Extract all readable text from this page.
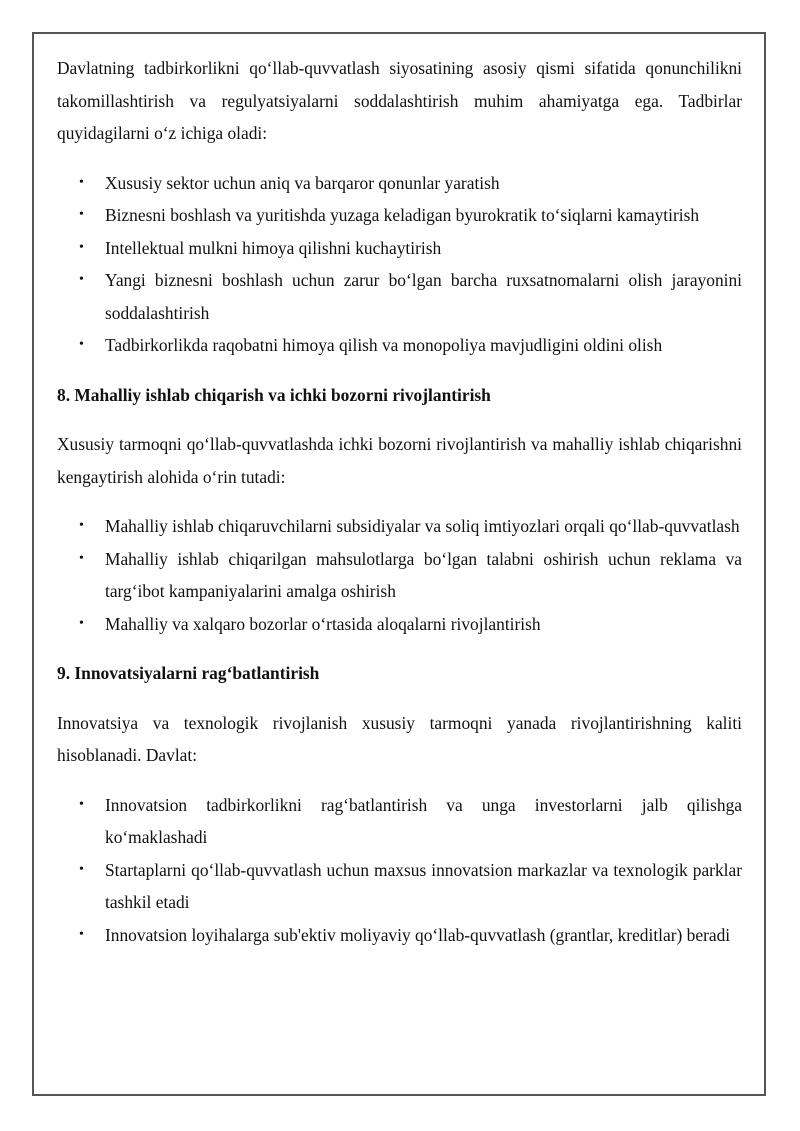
Davlatning tadbirkorlikni qo‘llab-quvvatlash siyosatining asosiy qismi sifatida qonunchilikni takomillashtirish va regulyatsiyalarni soddalashtirish muhim ahamiyatga ega. Tadbirlar quyidagilarni o‘z ichiga oladi:

• Xususiy sektor uchun aniq va barqaror qonunlar yaratish
• Biznesni boshlash va yuritishda yuzaga keladigan byurokratik to‘siqlarni kamaytirish
• Intellektual mulkni himoya qilishni kuchaytirish
• Yangi biznesni boshlash uchun zarur bo‘lgan barcha ruxsatnomalarni olish jarayonini soddalashtirish
• Tadbirkorlikda raqobatni himoya qilish va monopoliya mavjudligini oldini olish
8. Mahalliy ishlab chiqarish va ichki bozorni rivojlantirish

Xususiy tarmoqni qo‘llab-quvvatlashda ichki bozorni rivojlantirish va mahalliy ishlab chiqarishni kengaytirish alohida o‘rin tutadi:

• Mahalliy ishlab chiqaruvchilarni subsidiyalar va soliq imtiyozlari orqali qo‘llab-quvvatlash
• Mahalliy ishlab chiqarilgan mahsulotlarga bo‘lgan talabni oshirish uchun reklama va targ‘ibot kampaniyalarini amalga oshirish
• Mahalliy va xalqaro bozorlar o‘rtasida aloqalarni rivojlantirish
9. Innovatsiyalarni rag‘batlantirish

Innovatsiya va texnologik rivojlanish xususiy tarmoqni yanada rivojlantirishning kaliti hisoblanadi. Davlat:

• Innovatsion tadbirkorlikni rag‘batlantirish va unga investorlarni jalb qilishga ko‘maklashadi
• Startaplarni qo‘llab-quvvatlash uchun maxsus innovatsion markazlar va texnologik parklar tashkil etadi
• Innovatsion loyihalarga sub'ektiv moliyaviy qo‘llab-quvvatlash (grantlar, kreditlar) beradi
